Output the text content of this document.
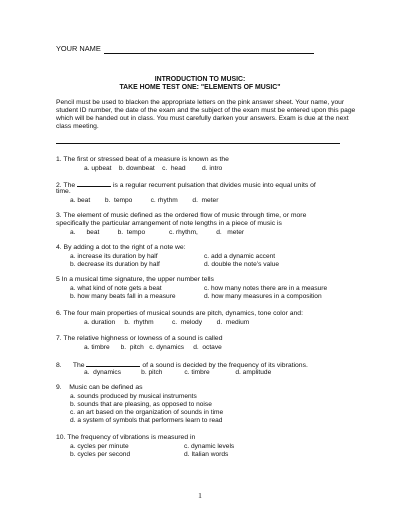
YOUR NAME
INTRODUCTION TO MUSIC:
TAKE HOME TEST ONE: "ELEMENTS OF MUSIC"
Pencil must be used to blacken the appropriate letters on the pink answer sheet. Your name, your student ID number, the date of the exam and the subject of the exam must be entered upon this page which will be handed out in class. You must carefully darken your answers. Exam is due at the next class meeting.
1. The first or stressed beat of a measure is known as the
a. upbeat    b. downbeat    c.  head         d. intro
2. The	is a regular recurrent pulsation that divides music into equal units of
time.
a. beat        b.  tempo          c. rhythm        d.  meter
3. The element of music defined as the ordered flow of music through time, or more
specifically the particular arrangement of note lengths in a piece of music is
a.      beat          b.  tempo             c. rhythm,          d.   meter
4. By adding a dot to the right of a note we:
a. increase its duration by half	c. add a dynamic accent
b. decrease its duration by half	d. double the note’s value
5 In a musical time signature, the upper number tells
a. what kind of note gets a beat	c. how many notes there are in a measure
b. how many beats fall in a measure	d. how many measures in a composition
6. The four main properties of musical sounds are pitch, dynamics, tone color and:
a. duration     b.  rhythm          c.  melody        d.  medium
7. The relative highness or lowness of a sound is called
a. timbre      b.  pitch   c. dynamics     d.  octave
8.      The	of a sound is decided by the frequency of its vibrations.
a.  dynamics           b. pitch            c. timbre              d. amplitude
9.    Music can be defined as
a. sounds produced by musical instruments
b. sounds that are pleasing, as opposed to noise
c. an art based on the organization of sounds in time
d. a system of symbols that performers learn to read
10. The frequency of vibrations is measured in
a. cycles per minute	c. dynamic levels
b. cycles per second	d. Italian words
1
